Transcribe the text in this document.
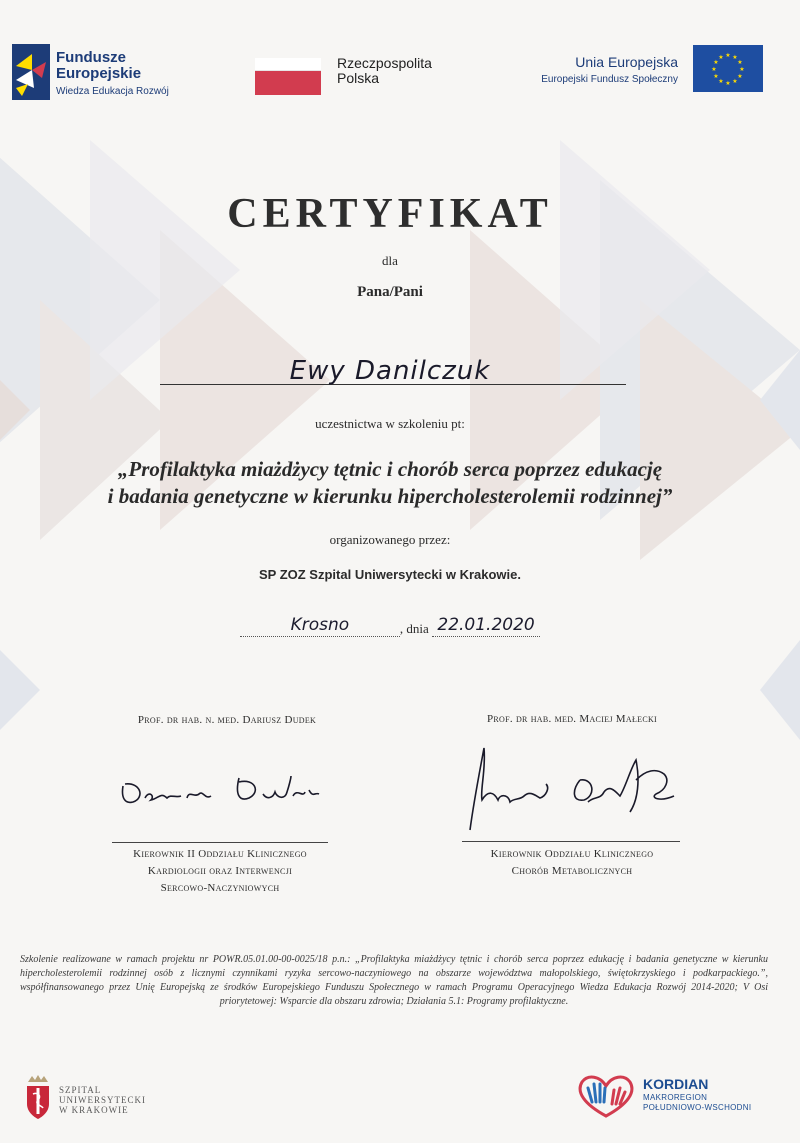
Fundusze
Europejskie
Wiedza Edukacja Rozwój
Rzeczpospolita
Polska
Unia Europejska
Europejski Fundusz Społeczny
★ ★
★
★
★
★
★
★
★
★
★
★
CERTYFIKAT
dla
Pana/Pani
Ewy Danilczuk
uczestnictwa w szkoleniu pt:
„Profilaktyka miażdżycy tętnic i chorób serca poprzez edukację
i badania genetyczne w kierunku hipercholesterolemii rodzinnej”
organizowanego przez:
SP ZOZ Szpital Uniwersytecki w Krakowie.
Krosno	, dnia 22.01.2020
Prof. dr hab. n. med. Dariusz Dudek	Prof. dr hab. med. Maciej Małecki
Kierownik II Oddziału Klinicznego
Kardiologii oraz Interwencji
Sercowo-Naczyniowych
Kierownik Oddziału Klinicznego
Chorób Metabolicznych
Szkolenie realizowane w ramach projektu nr POWR.05.01.00-00-0025/18 p.n.: „Profilaktyka miażdżycy tętnic i chorób serca poprzez edukację i badania genetyczne w kierunku hipercholesterolemii rodzinnej osób z licznymi czynnikami ryzyka sercowo-naczyniowego na obszarze województwa małopolskiego, świętokrzyskiego i podkarpackiego.”, współfinansowanego przez Unię Europejską ze środków Europejskiego Funduszu Społecznego w ramach Programu Operacyjnego Wiedza Edukacja Rozwój 2014-2020; V Osi priorytetowej: Wsparcie dla obszaru zdrowia; Działania 5.1: Programy profilaktyczne.
SZPITAL
UNIWERSYTECKI
W KRAKOWIE
KORDIAN
MAKROREGION
POŁUDNIOWO-WSCHODNI
